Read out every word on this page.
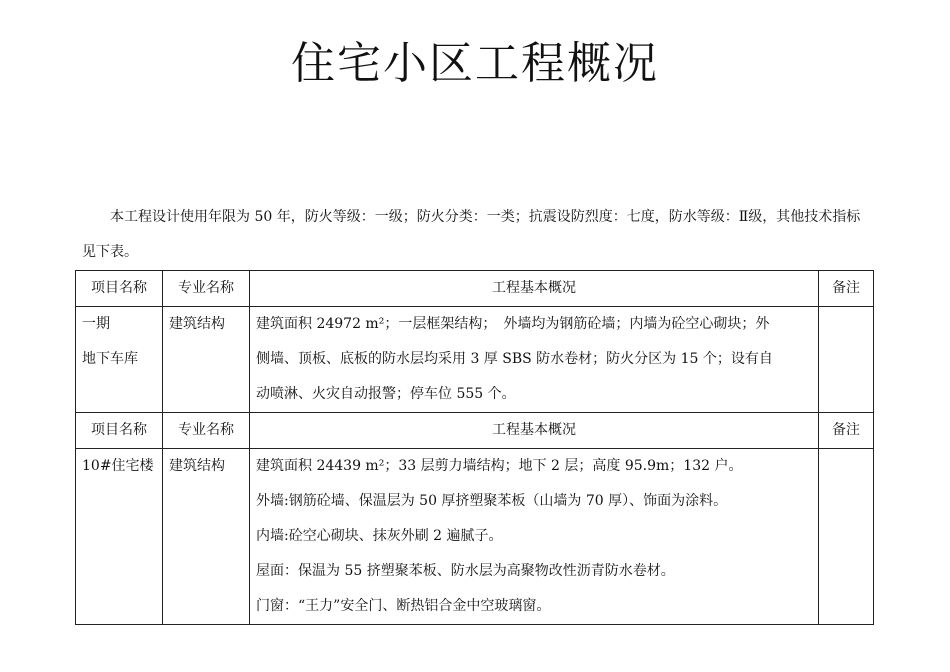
住宅小区工程概况
本工程设计使用年限为 50 年，防火等级：一级；防火分类：一类；抗震设防烈度：七度，防水等级：Ⅱ级，其他技术指标见下表。
项目名称	专业名称	工程基本概况	备注

一期
地下车库	建筑结构	建筑面积 24972 m²；一层框架结构；　外墙均为钢筋砼墙；内墙为砼空心砌块；外
侧墙、顶板、底板的防水层均采用 3 厚 SBS 防水卷材；防火分区为 15 个；设有自
动喷淋、火灾自动报警；停车位 555 个。	

项目名称	专业名称	工程基本概况	备注

10#住宅楼	建筑结构	建筑面积 24439 m²；33 层剪力墙结构；地下 2 层；高度 95.9m；132 户。
外墙:钢筋砼墙、保温层为 50 厚挤塑聚苯板（山墙为 70 厚）、饰面为涂料。
内墙:砼空心砌块、抹灰外刷 2 遍腻子。
屋面：保温为 55 挤塑聚苯板、防水层为高聚物改性沥青防水卷材。
门窗：“王力”安全门、断热铝合金中空玻璃窗。	
